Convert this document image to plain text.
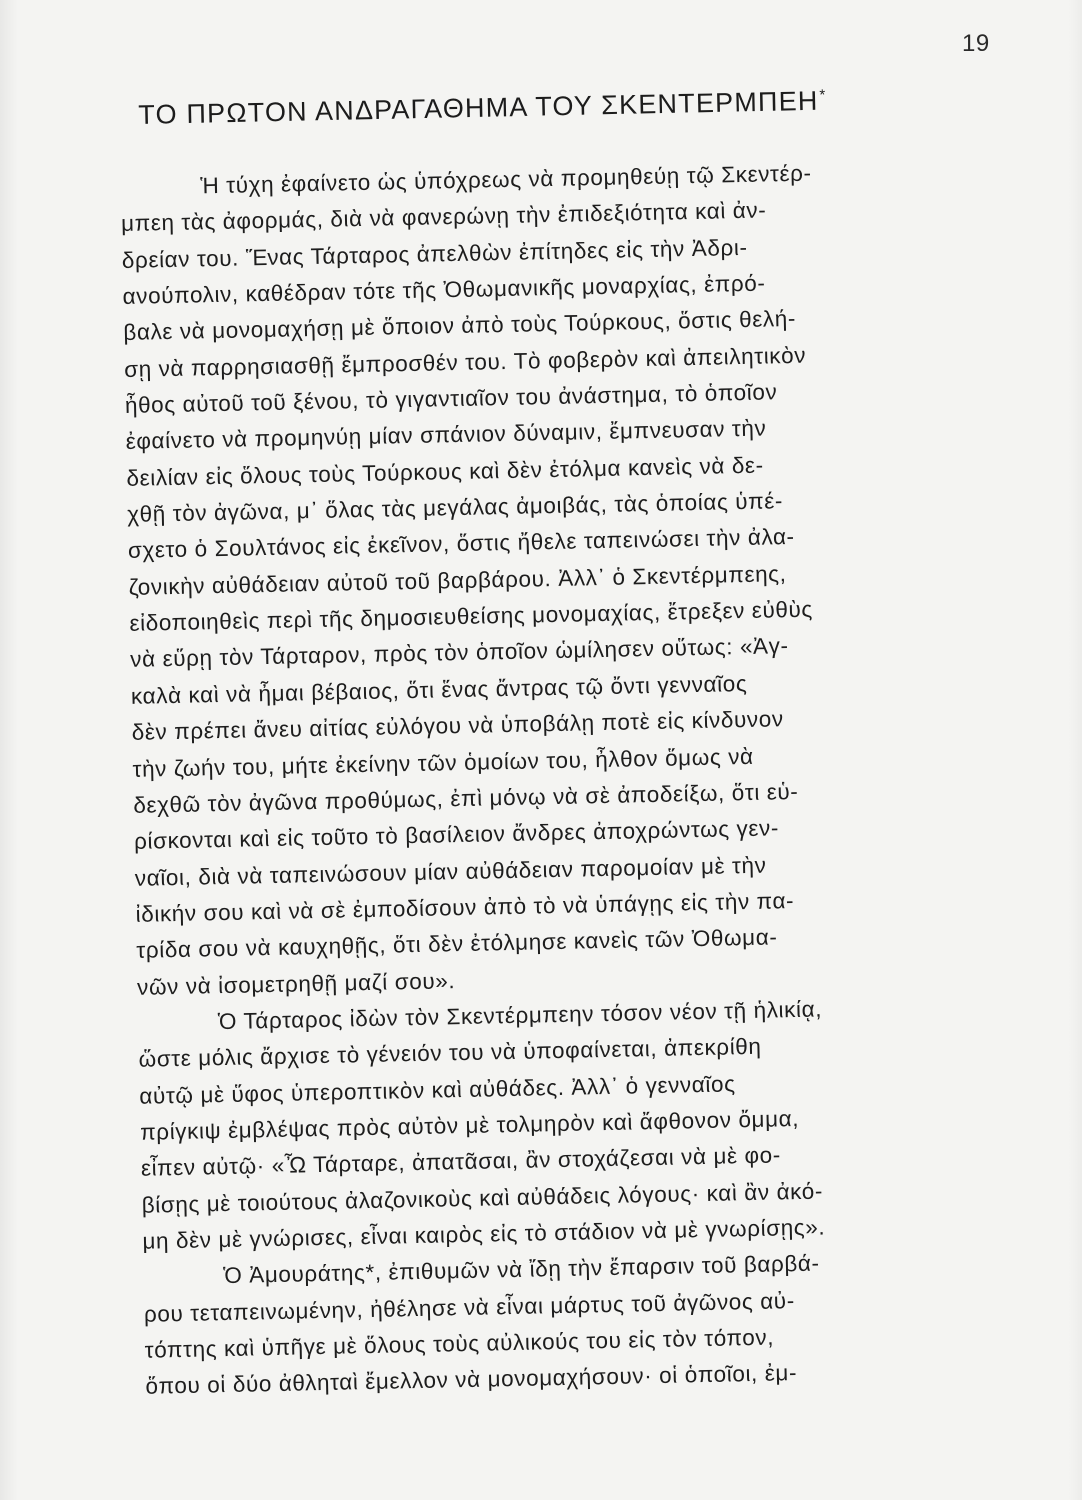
19
ΤΟ ΠΡΩΤΟΝ ΑΝΔΡΑΓΑΘΗΜΑ ΤΟΥ ΣΚΕΝΤΕΡΜΠΕΗ*
Ἡ τύχη ἐφαίνετο ὡς ὑπόχρεως νὰ προμηθεύῃ τῷ Σκεντέρ-
μπεη τὰς ἀφορμάς, διὰ νὰ φανερώνῃ τὴν ἐπιδεξιότητα καὶ ἀν-
δρείαν του. Ἕνας Τάρταρος ἀπελθὼν ἐπίτηδες εἰς τὴν Ἀδρι-
ανούπολιν, καθέδραν τότε τῆς Ὀθωμανικῆς μοναρχίας, ἐπρό-
βαλε νὰ μονομαχήσῃ μὲ ὅποιον ἀπὸ τοὺς Τούρκους, ὅστις θελή-
σῃ νὰ παρρησιασθῇ ἔμπροσθέν του. Τὸ φοβερὸν καὶ ἀπειλητικὸν
ἦθος αὐτοῦ τοῦ ξένου, τὸ γιγαντιαῖον του ἀνάστημα, τὸ ὁποῖον
ἐφαίνετο νὰ προμηνύῃ μίαν σπάνιον δύναμιν, ἔμπνευσαν τὴν
δειλίαν εἰς ὅλους τοὺς Τούρκους καὶ δὲν ἐτόλμα κανεὶς νὰ δε-
χθῇ τὸν ἀγῶνα, μ᾽ ὅλας τὰς μεγάλας ἀμοιβάς, τὰς ὁποίας ὑπέ-
σχετο ὁ Σουλτάνος εἰς ἐκεῖνον, ὅστις ἤθελε ταπεινώσει τὴν ἀλα-
ζονικὴν αὐθάδειαν αὐτοῦ τοῦ βαρβάρου. Ἀλλ᾽ ὁ Σκεντέρμπεης,
εἰδοποιηθεὶς περὶ τῆς δημοσιευθείσης μονομαχίας, ἔτρεξεν εὐθὺς
νὰ εὕρῃ τὸν Τάρταρον, πρὸς τὸν ὁποῖον ὡμίλησεν οὕτως: «Ἀγ-
καλὰ καὶ νὰ ἦμαι βέβαιος, ὅτι ἕνας ἄντρας τῷ ὄντι γενναῖος
δὲν πρέπει ἄνευ αἰτίας εὐλόγου νὰ ὑποβάλῃ ποτὲ εἰς κίνδυνον
τὴν ζωήν του, μήτε ἐκείνην τῶν ὁμοίων του, ἦλθον ὅμως νὰ
δεχθῶ τὸν ἀγῶνα προθύμως, ἐπὶ μόνῳ νὰ σὲ ἀποδείξω, ὅτι εὑ-
ρίσκονται καὶ εἰς τοῦτο τὸ βασίλειον ἄνδρες ἀποχρώντως γεν-
ναῖοι, διὰ νὰ ταπεινώσουν μίαν αὐθάδειαν παρομοίαν μὲ τὴν
ἰδικήν σου καὶ νὰ σὲ ἐμποδίσουν ἀπὸ τὸ νὰ ὑπάγῃς εἰς τὴν πα-
τρίδα σου νὰ καυχηθῇς, ὅτι δὲν ἐτόλμησε κανεὶς τῶν Ὀθωμα-
νῶν νὰ ἰσομετρηθῇ μαζί σου».
Ὁ Τάρταρος ἰδὼν τὸν Σκεντέρμπεην τόσον νέον τῇ ἡλικίᾳ,
ὥστε μόλις ἄρχισε τὸ γένειόν του νὰ ὑποφαίνεται, ἀπεκρίθη
αὐτῷ μὲ ὕφος ὑπεροπτικὸν καὶ αὐθάδες. Ἀλλ᾽ ὁ γενναῖος
πρίγκιψ ἐμβλέψας πρὸς αὐτὸν μὲ τολμηρὸν καὶ ἄφθονον ὄμμα,
εἶπεν αὐτῷ· «Ὦ Τάρταρε, ἀπατᾶσαι, ἂν στοχάζεσαι νὰ μὲ φο-
βίσῃς μὲ τοιούτους ἀλαζονικοὺς καὶ αὐθάδεις λόγους· καὶ ἂν ἀκό-
μη δὲν μὲ γνώρισες, εἶναι καιρὸς εἰς τὸ στάδιον νὰ μὲ γνωρίσῃς».
Ὁ Ἀμουράτης*, ἐπιθυμῶν νὰ ἴδῃ τὴν ἔπαρσιν τοῦ βαρβά-
ρου τεταπεινωμένην, ἠθέλησε νὰ εἶναι μάρτυς τοῦ ἀγῶνος αὐ-
τόπτης καὶ ὑπῆγε μὲ ὅλους τοὺς αὐλικούς του εἰς τὸν τόπον,
ὅπου οἱ δύο ἀθληταὶ ἔμελλον νὰ μονομαχήσουν· οἱ ὁποῖοι, ἐμ-
